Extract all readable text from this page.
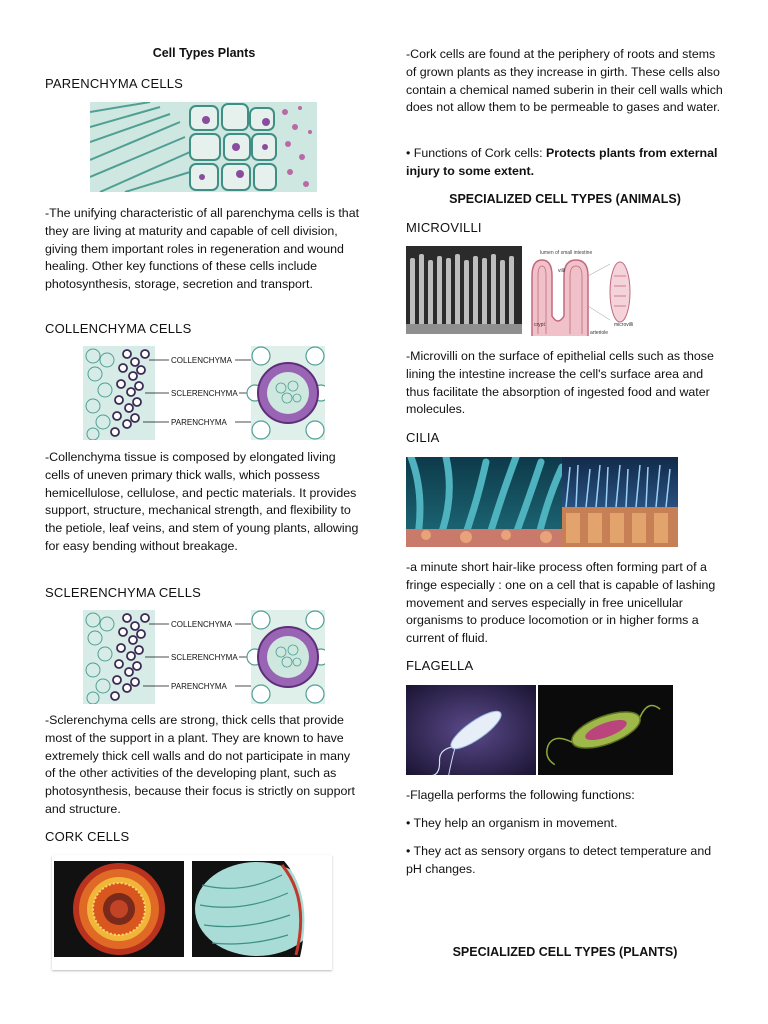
Cell Types Plants
PARENCHYMA CELLS

-The unifying characteristic of all parenchyma cells is that they are living at maturity and capable of cell division, giving them important roles in regeneration and wound healing. Other key functions of these cells include photosynthesis, storage, secretion and transport.

COLLENCHYMA CELLS
COLLENCHYMA
SCLERENCHYMA
PARENCHYMA

-Collenchyma tissue is composed by elongated living cells of uneven primary thick walls, which possess hemicellulose, cellulose, and pectic materials. It provides support, structure, mechanical strength, and flexibility to the petiole, leaf veins, and stem of young plants, allowing for easy bending without breakage.

SCLERENCHYMA CELLS
COLLENCHYMA
SCLERENCHYMA
PARENCHYMA

-Sclerenchyma cells are strong, thick cells that provide most of the support in a plant. They are known to have extremely thick cell walls and do not participate in many of the other activities of the developing plant, such as photosynthesis, because their focus is strictly on support and structure.

CORK CELLS

-Cork cells are found at the periphery of roots and stems of grown plants as they increase in girth. These cells also contain a chemical named suberin in their cell walls which does not allow them to be permeable to gases and water.

• Functions of Cork cells: Protects plants from external injury to some extent.

SPECIALIZED CELL TYPES (ANIMALS)
MICROVILLI
lumen of small intestine
villi
microvilli
crypt
arteriole

-Microvilli on the surface of epithelial cells such as those lining the intestine increase the cell's surface area and thus facilitate the absorption of ingested food and water molecules.

CILIA

-a minute short hair-like process often forming part of a fringe especially : one on a cell that is capable of lashing movement and serves especially in free unicellular organisms to produce locomotion or in higher forms a current of fluid.

FLAGELLA

-Flagella performs the following functions:

• They help an organism in movement.

• They act as sensory organs to detect temperature and pH changes.

SPECIALIZED CELL TYPES (PLANTS)
